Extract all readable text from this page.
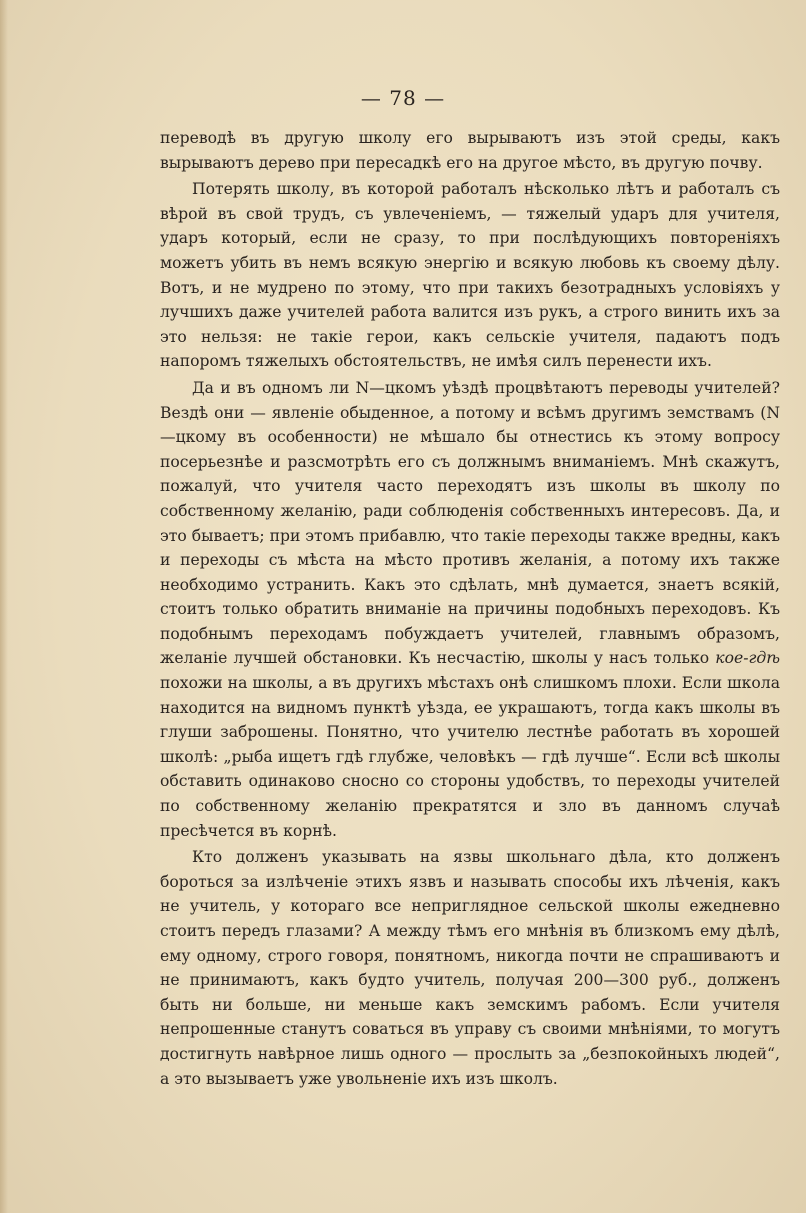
— 78 —

переводѣ въ другую школу его вырываютъ изъ этой среды, какъ вырываютъ дерево при пересадкѣ его на другое мѣсто, въ другую почву.

Потерять школу, въ которой работалъ нѣсколько лѣтъ и работалъ съ вѣрой въ свой трудъ, съ увлеченіемъ, — тяжелый ударъ для учителя, ударъ который, если не сразу, то при послѣдующихъ повтореніяхъ можетъ убить въ немъ всякую энергію и всякую любовь къ своему дѣлу. Вотъ, и не мудрено по этому, что при такихъ безотрадныхъ условіяхъ у лучшихъ даже учителей работа валится изъ рукъ, а строго винить ихъ за это нельзя: не такіе герои, какъ сельскіе учителя, падаютъ подъ напоромъ тяжелыхъ обстоятельствъ, не имѣя силъ перенести ихъ.

Да и въ одномъ ли N—цкомъ уѣздѣ процвѣтаютъ переводы учителей? Вездѣ они — явленіе обыденное, а потому и всѣмъ другимъ земствамъ (N—цкому въ особенности) не мѣшало бы отнестись къ этому вопросу посерьезнѣе и разсмотрѣть его съ должнымъ вниманіемъ. Мнѣ скажутъ, пожалуй, что учителя часто переходятъ изъ школы въ школу по собственному желанію, ради соблюденія собственныхъ интересовъ. Да, и это бываетъ; при этомъ прибавлю, что такіе переходы также вредны, какъ и переходы съ мѣста на мѣсто противъ желанія, а потому ихъ также необходимо устранить. Какъ это сдѣлать, мнѣ думается, знаетъ всякій, стоитъ только обратить вниманіе на причины подобныхъ переходовъ. Къ подобнымъ переходамъ побуждаетъ учителей, главнымъ образомъ, желаніе лучшей обстановки. Къ несчастію, школы у насъ только кое-гдѣ похожи на школы, а въ другихъ мѣстахъ онѣ слишкомъ плохи. Если школа находится на видномъ пунктѣ уѣзда, ее украшаютъ, тогда какъ школы въ глуши заброшены. Понятно, что учителю лестнѣе работать въ хорошей школѣ: „рыба ищетъ гдѣ глубже, человѣкъ — гдѣ лучше“. Если всѣ школы обставить одинаково сносно со стороны удобствъ, то переходы учителей по собственному желанію прекратятся и зло въ данномъ случаѣ пресѣчется въ корнѣ.

Кто долженъ указывать на язвы школьнаго дѣла, кто долженъ бороться за излѣченіе этихъ язвъ и называть способы ихъ лѣченія, какъ не учитель, у котораго все неприглядное сельской школы ежедневно стоитъ передъ глазами? А между тѣмъ его мнѣнія въ близкомъ ему дѣлѣ, ему одному, строго говоря, понятномъ, никогда почти не спрашиваютъ и не принимаютъ, какъ будто учитель, получая 200—300 руб., долженъ быть ни больше, ни меньше какъ земскимъ рабомъ. Если учителя непрошенные станутъ соваться въ управу съ своими мнѣніями, то могутъ достигнуть навѣрное лишь одного — прослыть за „безпокойныхъ людей“, а это вызываетъ уже увольненіе ихъ изъ школъ.
